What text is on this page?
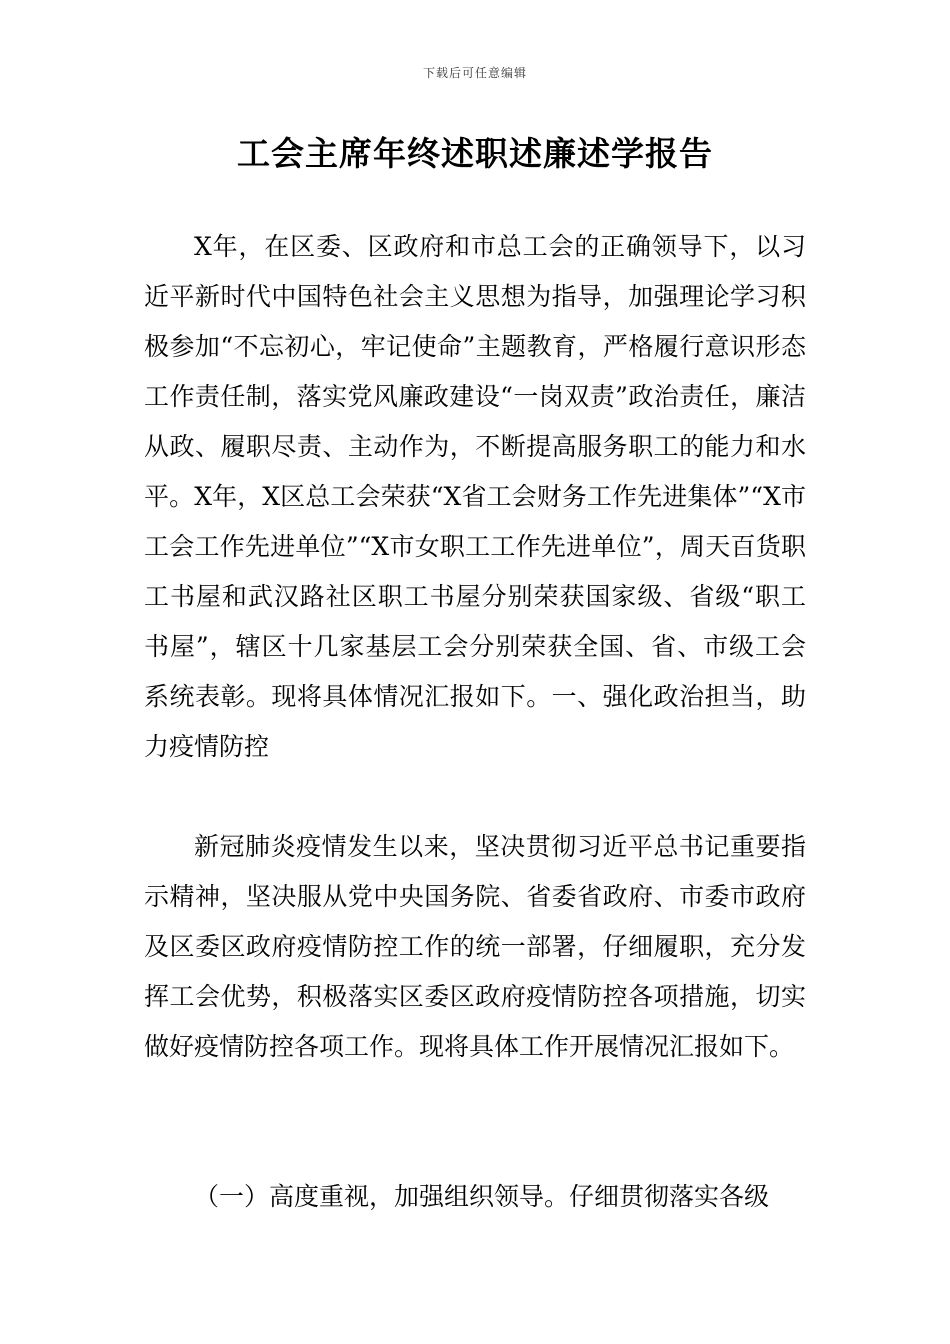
下载后可任意编辑
工会主席年终述职述廉述学报告

X年，在区委、区政府和市总工会的正确领导下，以习近平新时代中国特色社会主义思想为指导，加强理论学习积极参加“不忘初心，牢记使命”主题教育，严格履行意识形态工作责任制，落实党风廉政建设“一岗双责”政治责任，廉洁从政、履职尽责、主动作为，不断提高服务职工的能力和水平。X年，X区总工会荣获“X省工会财务工作先进集体”“X市工会工作先进单位”“X市女职工工作先进单位”，周天百货职工书屋和武汉路社区职工书屋分别荣获国家级、省级“职工书屋”，辖区十几家基层工会分别荣获全国、省、市级工会系统表彰。现将具体情况汇报如下。一、强化政治担当，助力疫情防控

新冠肺炎疫情发生以来，坚决贯彻习近平总书记重要指示精神，坚决服从党中央国务院、省委省政府、市委市政府及区委区政府疫情防控工作的统一部署，仔细履职，充分发挥工会优势，积极落实区委区政府疫情防控各项措施，切实做好疫情防控各项工作。现将具体工作开展情况汇报如下。

（一）高度重视，加强组织领导。仔细贯彻落实各级
